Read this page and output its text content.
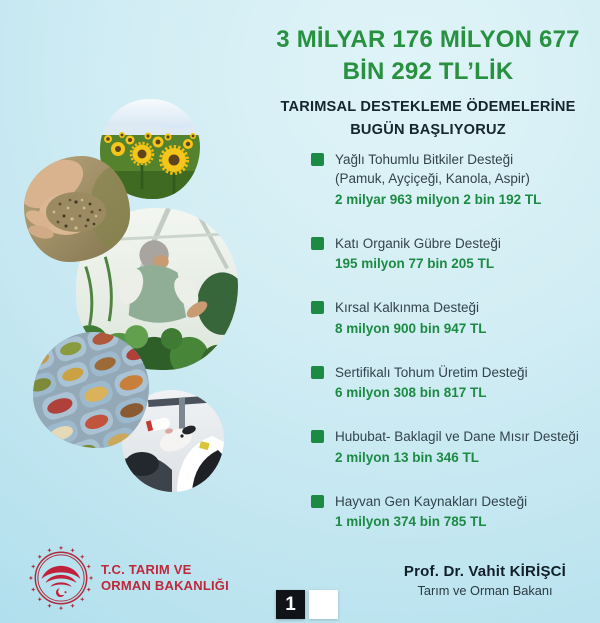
3 MİLYAR 176 MİLYON 677
BİN 292 TL’LİK
TARIMSAL DESTEKLEME ÖDEMELERİNE
BUGÜN BAŞLIYORUZ
Yağlı Tohumlu Bitkiler Desteği
(Pamuk, Ayçiçeği, Kanola, Aspir)
2 milyar 963 milyon 2 bin 192 TL
Katı Organik Gübre Desteği
195 milyon 77 bin 205 TL
Kırsal Kalkınma Desteği
8 milyon 900 bin 947 TL
Sertifikalı Tohum Üretim Desteği
6 milyon 308 bin 817 TL
Hububat- Baklagil ve Dane Mısır Desteği
2 milyon 13 bin 346 TL
Hayvan Gen Kaynakları Desteği
1 milyon 374 bin 785 TL
T.C. TARIM VE
ORMAN BAKANLIĞI
Prof. Dr. Vahit KİRİŞCİ
Tarım ve Orman Bakanı
1
